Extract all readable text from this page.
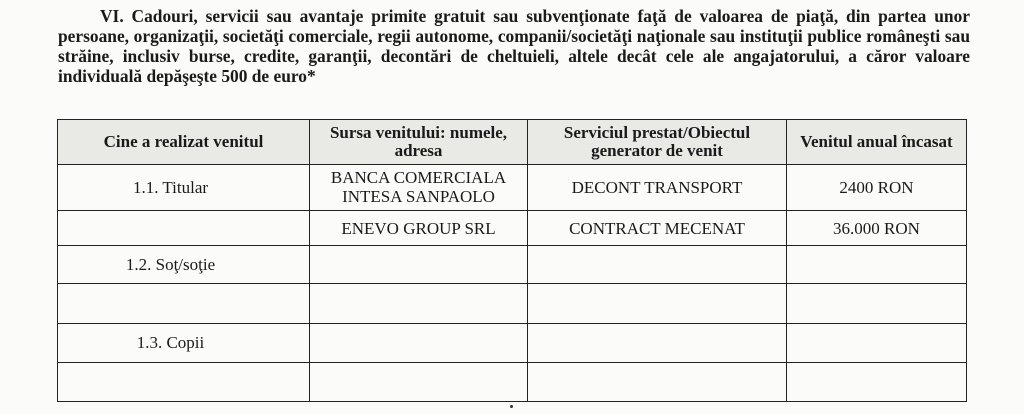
VI. Cadouri, servicii sau avantaje primite gratuit sau subvenţionate faţă de valoarea de piaţă, din partea unor persoane, organizaţii, societăţi comerciale, regii autonome, companii/societăţi naţionale sau instituţii publice româneşti sau străine, inclusiv burse, credite, garanţii, decontări de cheltuieli, altele decât cele ale angajatorului, a căror valoare individuală depăşeşte 500 de euro*

Cine a realizat venitul	Sursa venitului: numele, adresa	Serviciul prestat/Obiectul generator de venit	Venitul anual încasat
1.1. Titular	BANCA COMERCIALA INTESA SANPAOLO	DECONT TRANSPORT	2400 RON
	ENEVO GROUP SRL	CONTRACT MECENAT	36.000 RON
1.2. Soţ/soţie			

1.3. Copii			
